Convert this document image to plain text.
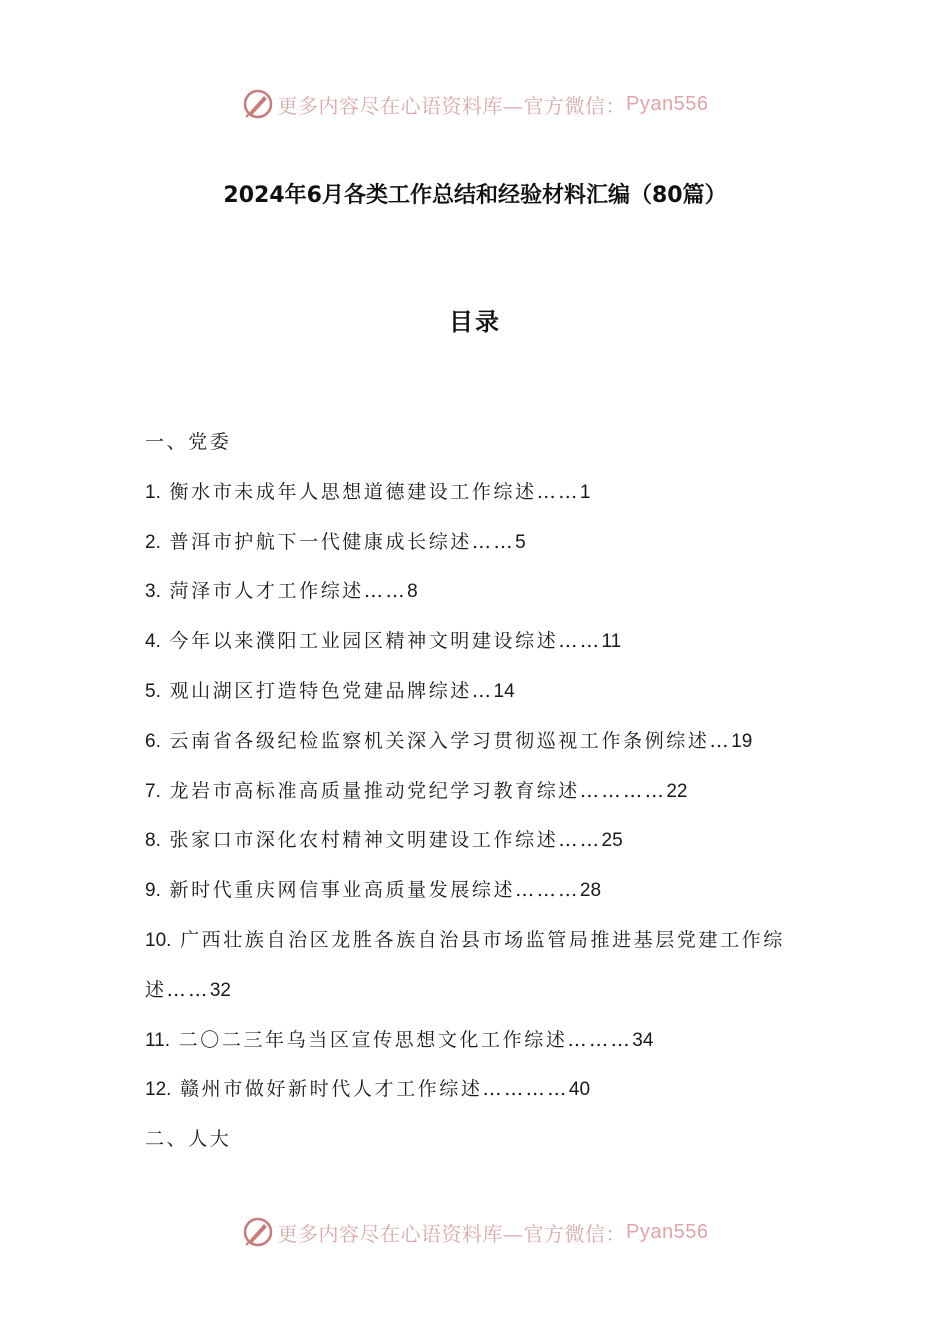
更多内容尽在心语资料库—官方微信： Pyan556
2024年6月各类工作总结和经验材料汇编（80篇）
目录
一、党委
1. 衡水市未成年人思想道德建设工作综述……1
2. 普洱市护航下一代健康成长综述……5
3. 菏泽市人才工作综述……8
4. 今年以来濮阳工业园区精神文明建设综述……11
5. 观山湖区打造特色党建品牌综述…14
6. 云南省各级纪检监察机关深入学习贯彻巡视工作条例综述…19
7. 龙岩市高标准高质量推动党纪学习教育综述…………22
8. 张家口市深化农村精神文明建设工作综述……25
9. 新时代重庆网信事业高质量发展综述………28
10. 广西壮族自治区龙胜各族自治县市场监管局推进基层党建工作综述……32
11. 二〇二三年乌当区宣传思想文化工作综述………34
12. 赣州市做好新时代人才工作综述…………40
二、人大
更多内容尽在心语资料库—官方微信： Pyan556
